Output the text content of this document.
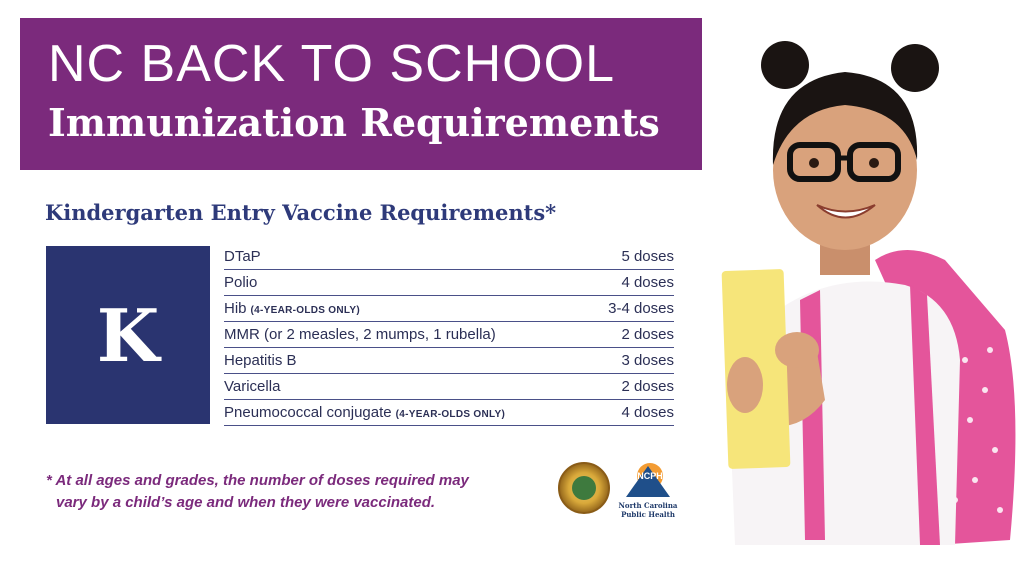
NC BACK TO SCHOOL
Immunization Requirements
Kindergarten Entry Vaccine Requirements*
K
DTaP	5 doses
Polio	4 doses
Hib (4-YEAR-OLDS ONLY)	3-4 doses
MMR (or 2 measles, 2 mumps, 1 rubella)	2 doses
Hepatitis B	3 doses
Varicella	2 doses
Pneumococcal conjugate (4-YEAR-OLDS ONLY)	4 doses
* At all ages and grades, the number of doses required may
vary by a child’s age and when they were vaccinated.
NCPH
North Carolina
Public Health
